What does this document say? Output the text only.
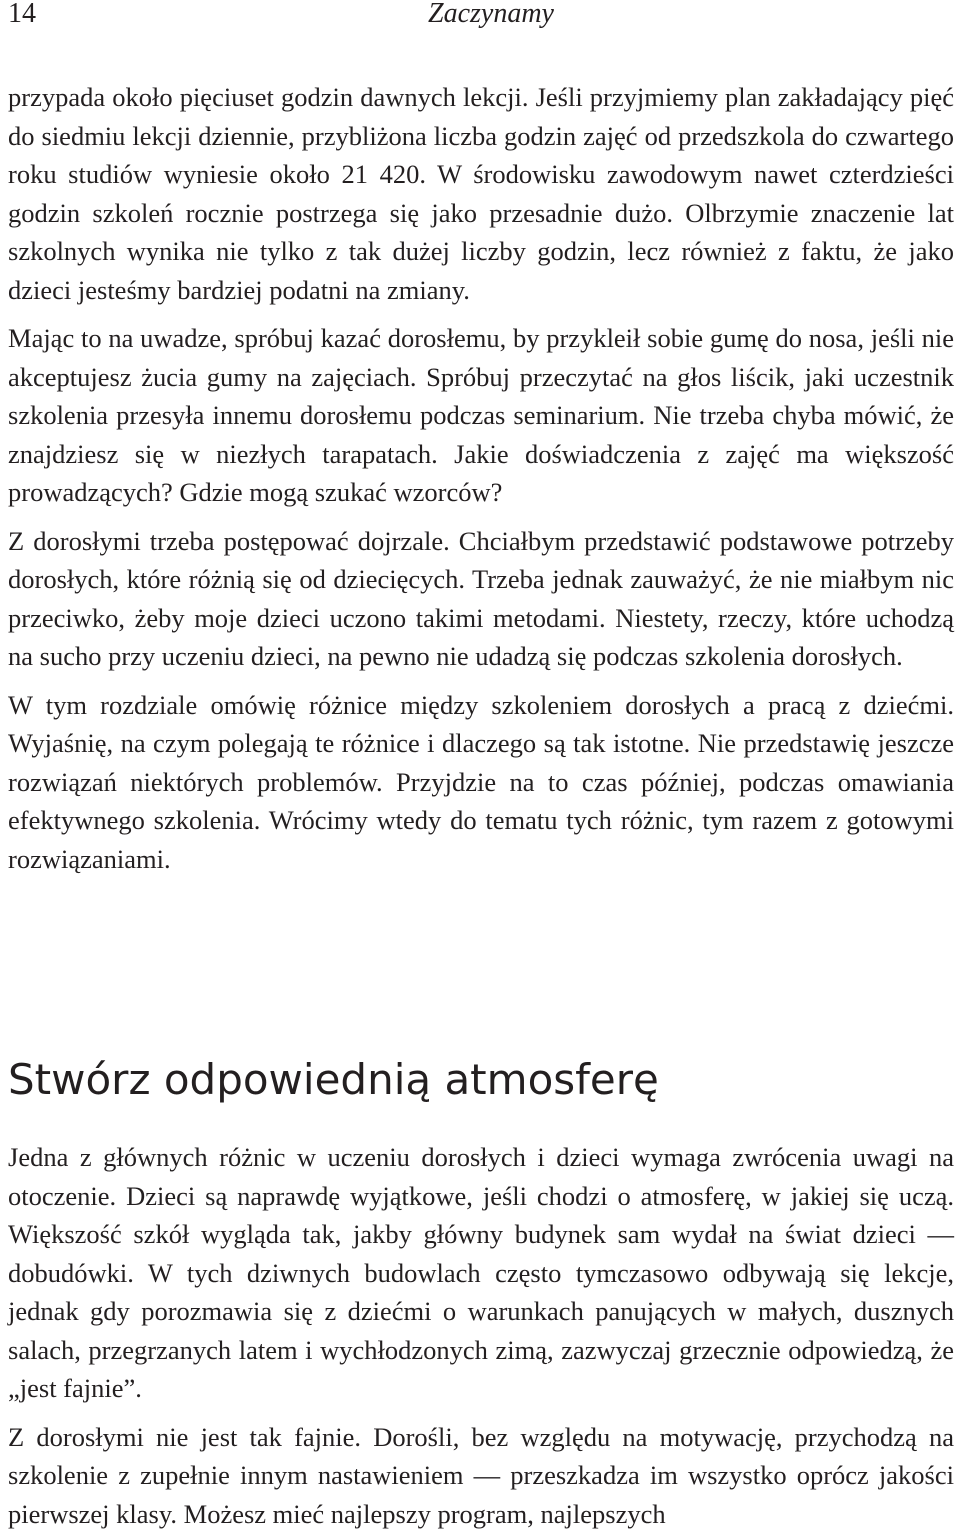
14	Zaczynamy

przypada około pięciuset godzin dawnych lekcji. Jeśli przyjmiemy plan zakładający pięć do siedmiu lekcji dziennie, przybliżona liczba godzin zajęć od przedszkola do czwartego roku studiów wyniesie około 21 420. W środowisku zawodowym nawet czterdzieści godzin szkoleń rocznie postrzega się jako przesadnie dużo. Olbrzymie znaczenie lat szkolnych wynika nie tylko z tak dużej liczby godzin, lecz również z faktu, że jako dzieci jesteśmy bardziej podatni na zmiany.

Mając to na uwadze, spróbuj kazać dorosłemu, by przykleił sobie gumę do nosa, jeśli nie akceptujesz żucia gumy na zajęciach. Spróbuj przeczytać na głos liścik, jaki uczestnik szkolenia przesyła innemu dorosłemu podczas seminarium. Nie trzeba chyba mówić, że znajdziesz się w niezłych tarapatach. Jakie doświadczenia z zajęć ma większość prowadzących? Gdzie mogą szukać wzorców?

Z dorosłymi trzeba postępować dojrzale. Chciałbym przedstawić podstawowe potrzeby dorosłych, które różnią się od dziecięcych. Trzeba jednak zauważyć, że nie miałbym nic przeciwko, żeby moje dzieci uczono takimi metodami. Niestety, rzeczy, które uchodzą na sucho przy uczeniu dzieci, na pewno nie udadzą się podczas szkolenia dorosłych.

W tym rozdziale omówię różnice między szkoleniem dorosłych a pracą z dziećmi. Wyjaśnię, na czym polegają te różnice i dlaczego są tak istotne. Nie przedstawię jeszcze rozwiązań niektórych problemów. Przyjdzie na to czas później, podczas omawiania efektywnego szkolenia. Wrócimy wtedy do tematu tych różnic, tym razem z gotowymi rozwiązaniami.

Stwórz odpowiednią atmosferę

Jedna z głównych różnic w uczeniu dorosłych i dzieci wymaga zwrócenia uwagi na otoczenie. Dzieci są naprawdę wyjątkowe, jeśli chodzi o atmosferę, w jakiej się uczą. Większość szkół wygląda tak, jakby główny budynek sam wydał na świat dzieci — dobudówki. W tych dziwnych budowlach często tymczasowo odbywają się lekcje, jednak gdy porozmawia się z dziećmi o warunkach panujących w małych, dusznych salach, przegrzanych latem i wychłodzonych zimą, zazwyczaj grzecznie odpowiedzą, że „jest fajnie”.

Z dorosłymi nie jest tak fajnie. Dorośli, bez względu na motywację, przychodzą na szkolenie z zupełnie innym nastawieniem — przeszkadza im wszystko oprócz jakości pierwszej klasy. Możesz mieć najlepszy program, najlepszych
